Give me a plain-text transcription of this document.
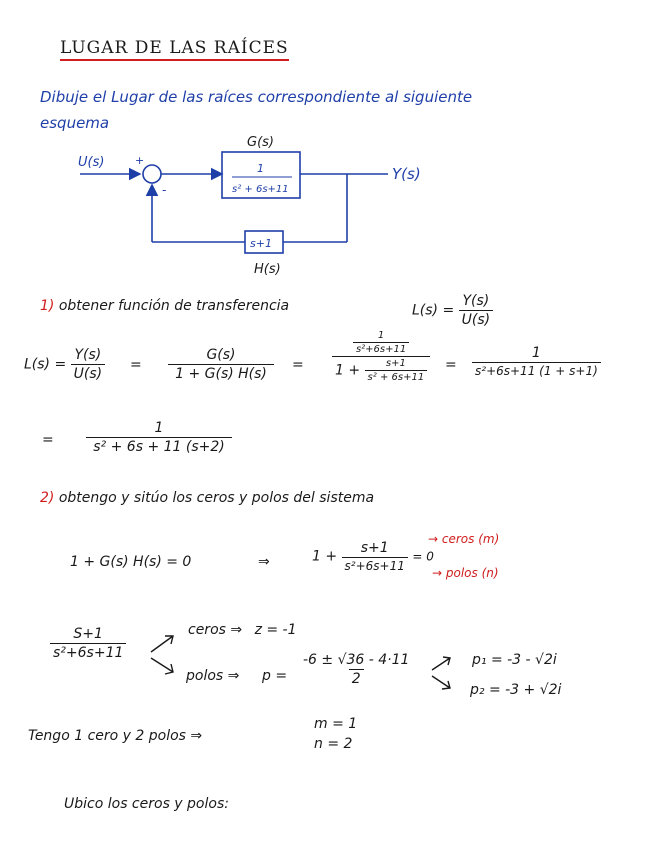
LUGAR DE LAS RAÍCES
Dibuje el Lugar de las raíces correspondiente al siguiente
esquema
U(s)	+
-
G(s)
1
s² + 6s+11
Y(s)
s+1
H(s)
1) obtener función de transferencia	$L(s) = \frac{Y(s)}{U(s)}$
$L(s) = \frac{Y(s)}{U(s)} = \frac{G(s)}{1 + G(s) H(s)}$ =	$\frac{\frac{1}{\text{s²+6s+11}}}{1 + \frac{s+1}{\text{s² + 6s+11}}} = \frac{1}{\text{s²+6s+11 (1 + s+1)}}$
= $\frac{1}{\text{s² + 6s + 11 (s+2)}}$
2) obtengo y sitúo los ceros y polos del sistema
1 + G(s) H(s) = 0	⇒	$1 + \frac{s+1}{\text{s²+6s+11}} = 0$
→ ceros (m)
→ polos (n)
$\frac{S+1}{\text{s²+6s+11}}$	ceros ⇒ z = -1
polos ⇒ $p = \frac{-6 \pm √36 - 4\cdot 11}{2}$	p₁ = -3 - √2i
p₂ = -3 + √2i
Tengo 1 cero y 2 polos ⇒
m = 1
n = 2
Ubico los ceros y polos:
